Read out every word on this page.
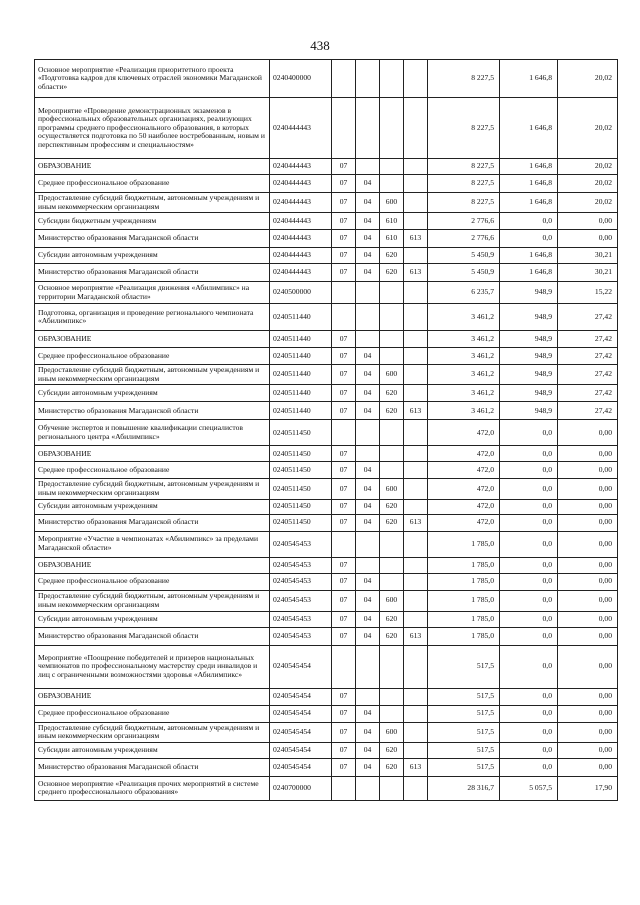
438
Основное мероприятие «Реализация приоритетного проекта «Подготовка кадров для ключевых отраслей экономики Магаданской области»	0240400000					8 227,5	1 646,8	20,02
Мероприятие «Проведение демонстрационных экзаменов в профессиональных образовательных организациях, реализующих программы среднего профессионального образования, в которых осуществляется подготовка по 50 наиболее востребованным, новым и перспективным профессиям и специальностям»	0240444443					8 227,5	1 646,8	20,02
ОБРАЗОВАНИЕ	0240444443	07				8 227,5	1 646,8	20,02
Среднее профессиональное образование	0240444443	07	04			8 227,5	1 646,8	20,02
Предоставление субсидий бюджетным, автономным учреждениям и иным некоммерческим организациям	0240444443	07	04	600		8 227,5	1 646,8	20,02
Субсидии бюджетным учреждениям	0240444443	07	04	610		2 776,6	0,0	0,00
Министерство образования Магаданской области	0240444443	07	04	610	613	2 776,6	0,0	0,00
Субсидии автономным учреждениям	0240444443	07	04	620		5 450,9	1 646,8	30,21
Министерство образования Магаданской области	0240444443	07	04	620	613	5 450,9	1 646,8	30,21
Основное мероприятие «Реализация движения «Абилимпикс» на территории Магаданской области»	0240500000					6 235,7	948,9	15,22
Подготовка, организация и проведение регионального чемпионата «Абилимпикс»	0240511440					3 461,2	948,9	27,42
ОБРАЗОВАНИЕ	0240511440	07				3 461,2	948,9	27,42
Среднее профессиональное образование	0240511440	07	04			3 461,2	948,9	27,42
Предоставление субсидий бюджетным, автономным учреждениям и иным некоммерческим организациям	0240511440	07	04	600		3 461,2	948,9	27,42
Субсидии автономным учреждениям	0240511440	07	04	620		3 461,2	948,9	27,42
Министерство образования Магаданской области	0240511440	07	04	620	613	3 461,2	948,9	27,42
Обучение экспертов и повышение квалификации специалистов регионального центра «Абилимпикс»	0240511450					472,0	0,0	0,00
ОБРАЗОВАНИЕ	0240511450	07				472,0	0,0	0,00
Среднее профессиональное образование	0240511450	07	04			472,0	0,0	0,00
Предоставление субсидий бюджетным, автономным учреждениям и иным некоммерческим организациям	0240511450	07	04	600		472,0	0,0	0,00
Субсидии автономным учреждениям	0240511450	07	04	620		472,0	0,0	0,00
Министерство образования Магаданской области	0240511450	07	04	620	613	472,0	0,0	0,00
Мероприятие «Участие в чемпионатах «Абилимпикс» за пределами Магаданской области»	0240545453					1 785,0	0,0	0,00
ОБРАЗОВАНИЕ	0240545453	07				1 785,0	0,0	0,00
Среднее профессиональное образование	0240545453	07	04			1 785,0	0,0	0,00
Предоставление субсидий бюджетным, автономным учреждениям и иным некоммерческим организациям	0240545453	07	04	600		1 785,0	0,0	0,00
Субсидии автономным учреждениям	0240545453	07	04	620		1 785,0	0,0	0,00
Министерство образования Магаданской области	0240545453	07	04	620	613	1 785,0	0,0	0,00
Мероприятие «Поощрение победителей и призеров национальных чемпионатов по профессиональному мастерству среди инвалидов и лиц с ограниченными возможностями здоровья «Абилимпикс»	0240545454					517,5	0,0	0,00
ОБРАЗОВАНИЕ	0240545454	07				517,5	0,0	0,00
Среднее профессиональное образование	0240545454	07	04			517,5	0,0	0,00
Предоставление субсидий бюджетным, автономным учреждениям и иным некоммерческим организациям	0240545454	07	04	600		517,5	0,0	0,00
Субсидии автономным учреждениям	0240545454	07	04	620		517,5	0,0	0,00
Министерство образования Магаданской области	0240545454	07	04	620	613	517,5	0,0	0,00
Основное мероприятие «Реализация прочих мероприятий в системе среднего профессионального образования»	0240700000					28 316,7	5 057,5	17,90
